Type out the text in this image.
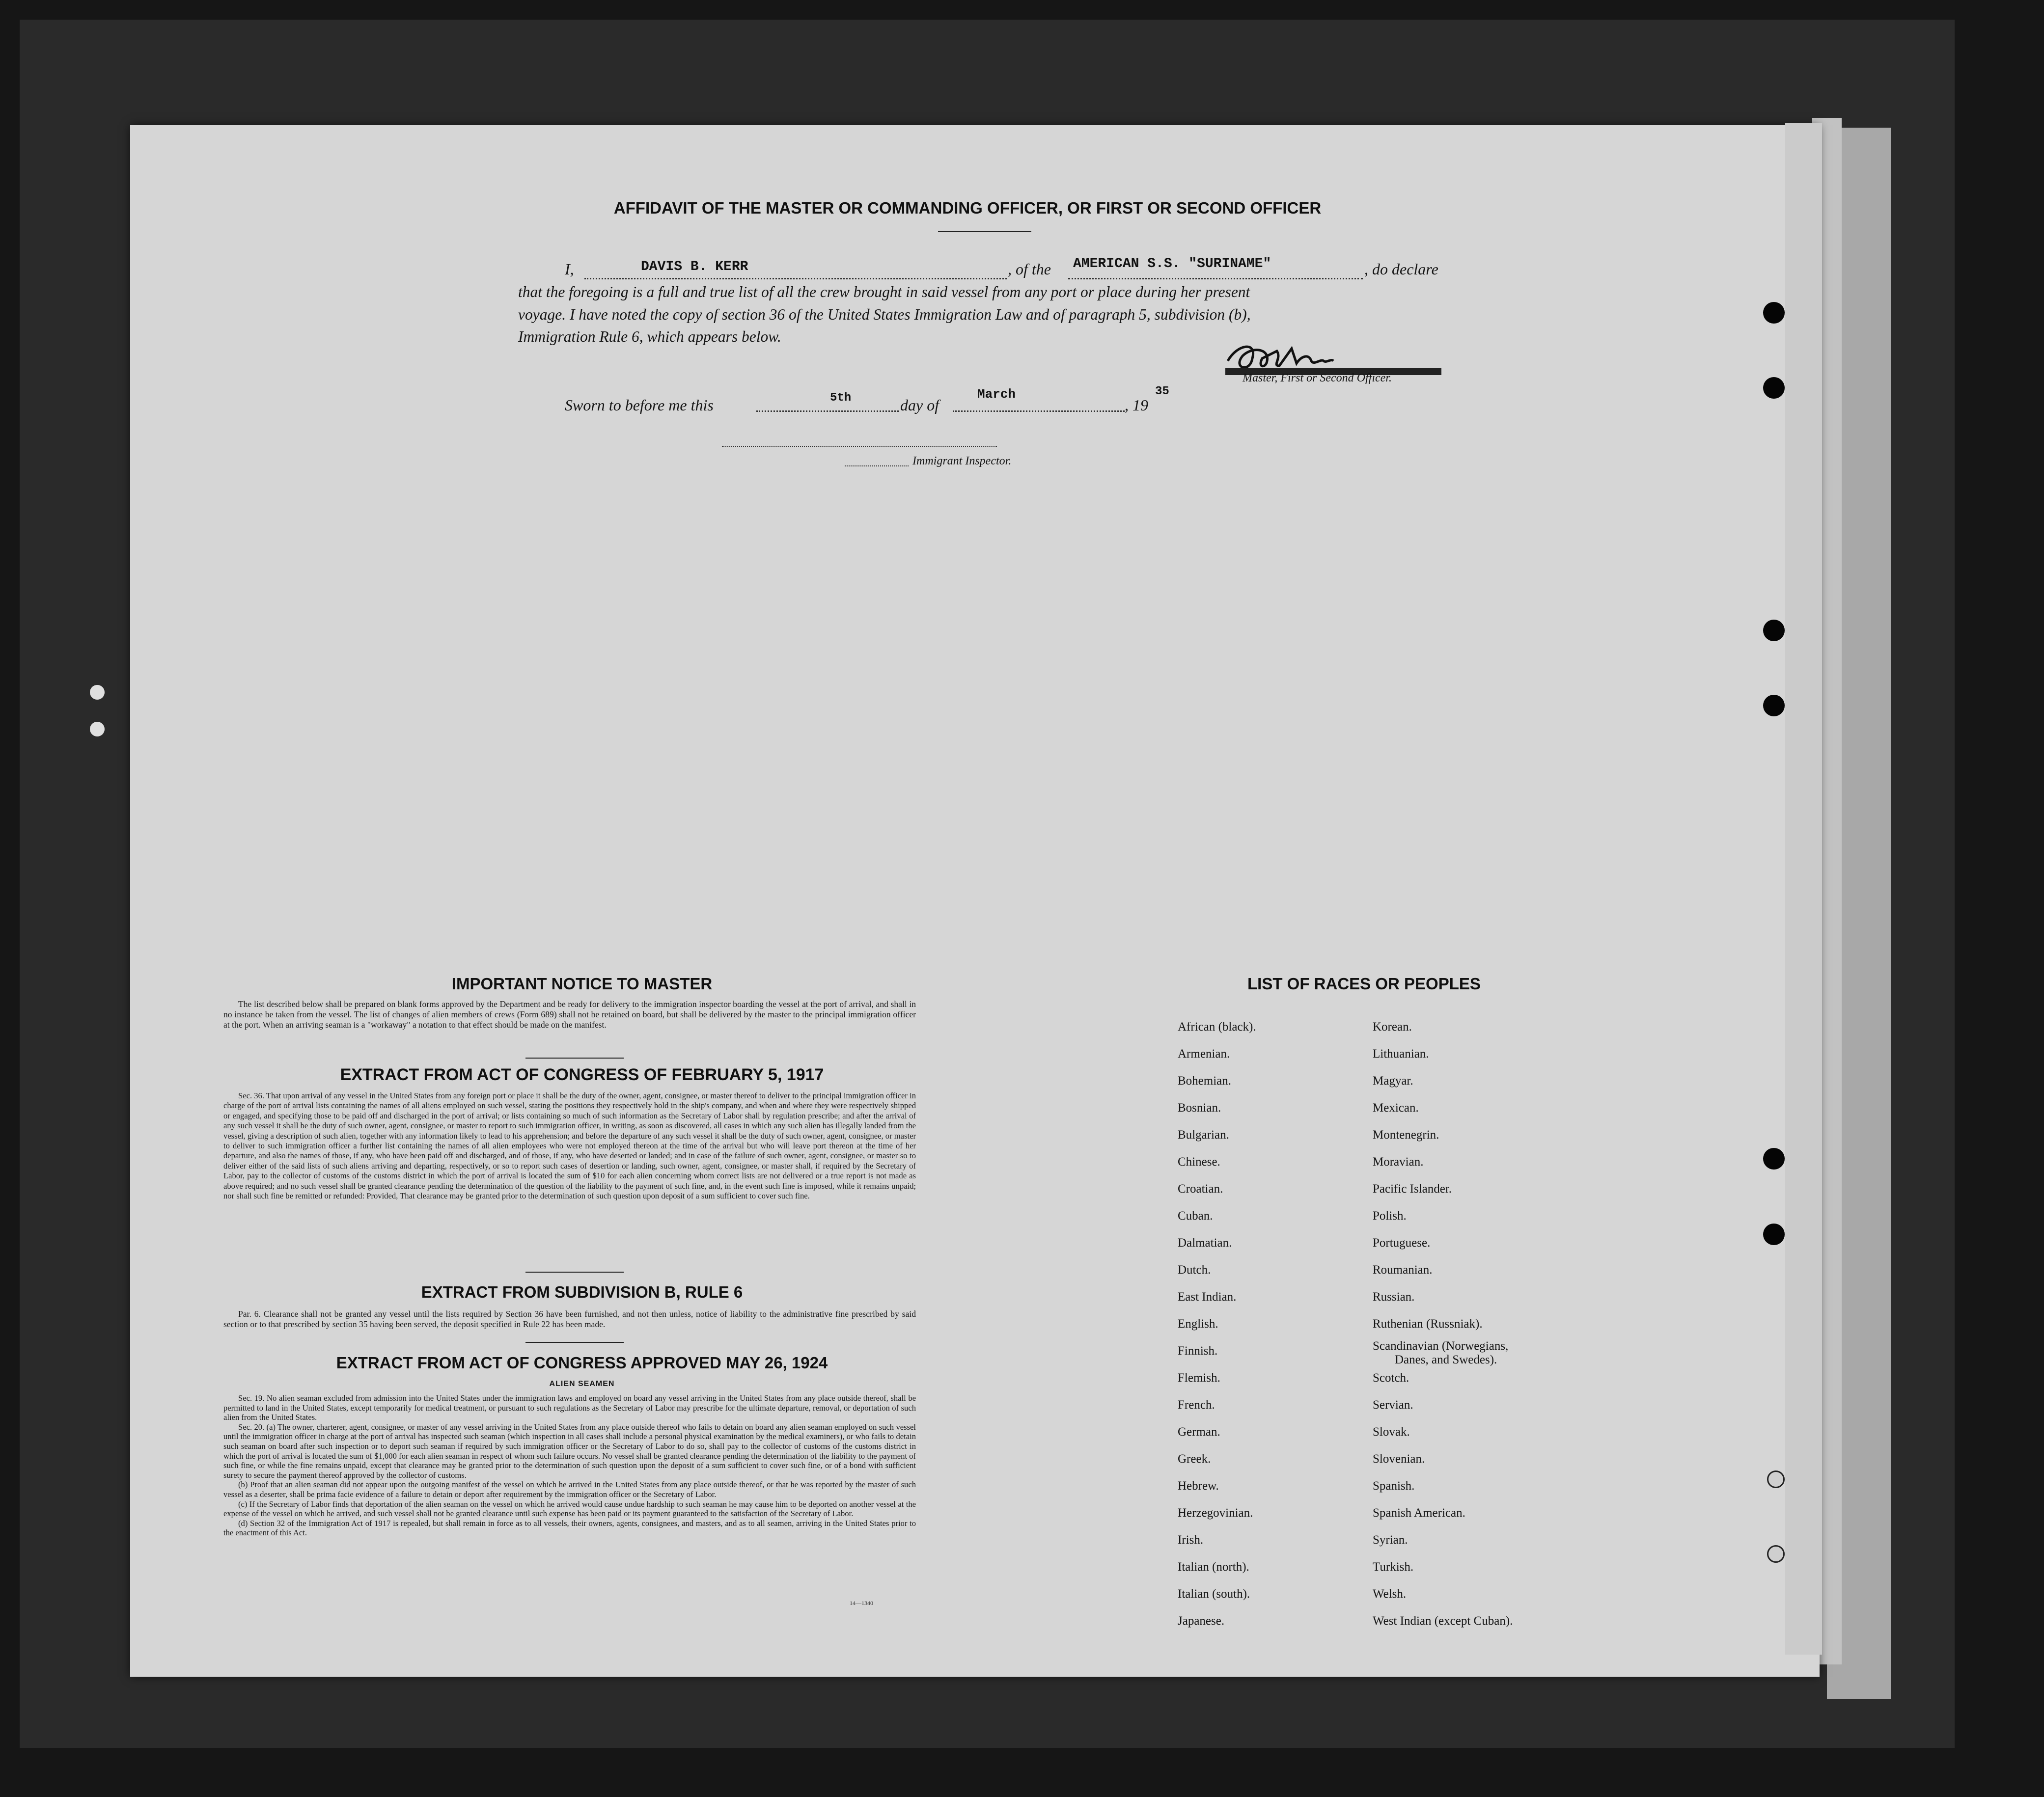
AFFIDAVIT OF THE MASTER OR COMMANDING OFFICER, OR FIRST OR SECOND OFFICER
I,	DAVIS B. KERR	, of the AMERICAN S.S. "SURINAME"	, do declare
that the foregoing is a full and true list of all the crew brought in said vessel from any port or place during her present
voyage. I have noted the copy of section 36 of the United States Immigration Law and of paragraph 5, subdivision (b),
Immigration Rule 6, which appears below.
Master, First or Second Officer.
Sworn to before me this	5th	day of
March
, 19
35
Immigrant Inspector.
IMPORTANT NOTICE TO MASTER

The list described below shall be prepared on blank forms approved by the Department and be ready for delivery to the immigration inspector boarding the vessel at the port of arrival, and shall in no instance be taken from the vessel. The list of changes of alien members of crews (Form 689) shall not be retained on board, but shall be delivered by the master to the principal immigration officer at the port. When an arriving seaman is a "workaway" a notation to that effect should be made on the manifest.

EXTRACT FROM ACT OF CONGRESS OF FEBRUARY 5, 1917

Sec. 36. That upon arrival of any vessel in the United States from any foreign port or place it shall be the duty of the owner, agent, consignee, or master thereof to deliver to the principal immigration officer in charge of the port of arrival lists containing the names of all aliens employed on such vessel, stating the positions they respectively hold in the ship's company, and when and where they were respectively shipped or engaged, and specifying those to be paid off and discharged in the port of arrival; or lists containing so much of such information as the Secretary of Labor shall by regulation prescribe; and after the arrival of any such vessel it shall be the duty of such owner, agent, consignee, or master to report to such immigration officer, in writing, as soon as discovered, all cases in which any such alien has illegally landed from the vessel, giving a description of such alien, together with any information likely to lead to his apprehension; and before the departure of any such vessel it shall be the duty of such owner, agent, consignee, or master to deliver to such immigration officer a further list containing the names of all alien employees who were not employed thereon at the time of the arrival but who will leave port thereon at the time of her departure, and also the names of those, if any, who have been paid off and discharged, and of those, if any, who have deserted or landed; and in case of the failure of such owner, agent, consignee, or master so to deliver either of the said lists of such aliens arriving and departing, respectively, or so to report such cases of desertion or landing, such owner, agent, consignee, or master shall, if required by the Secretary of Labor, pay to the collector of customs of the customs district in which the port of arrival is located the sum of $10 for each alien concerning whom correct lists are not delivered or a true report is not made as above required; and no such vessel shall be granted clearance pending the determination of the question of the liability to the payment of such fine, and, in the event such fine is imposed, while it remains unpaid; nor shall such fine be remitted or refunded: Provided, That clearance may be granted prior to the determination of such question upon deposit of a sum sufficient to cover such fine.

EXTRACT FROM SUBDIVISION B, RULE 6

Par. 6. Clearance shall not be granted any vessel until the lists required by Section 36 have been furnished, and not then unless, notice of liability to the administrative fine prescribed by said section or to that prescribed by section 35 having been served, the deposit specified in Rule 22 has been made.

EXTRACT FROM ACT OF CONGRESS APPROVED MAY 26, 1924
ALIEN SEAMEN

Sec. 19. No alien seaman excluded from admission into the United States under the immigration laws and employed on board any vessel arriving in the United States from any place outside thereof, shall be permitted to land in the United States, except temporarily for medical treatment, or pursuant to such regulations as the Secretary of Labor may prescribe for the ultimate departure, removal, or deportation of such alien from the United States.

Sec. 20. (a) The owner, charterer, agent, consignee, or master of any vessel arriving in the United States from any place outside thereof who fails to detain on board any alien seaman employed on such vessel until the immigration officer in charge at the port of arrival has inspected such seaman (which inspection in all cases shall include a personal physical examination by the medical examiners), or who fails to detain such seaman on board after such inspection or to deport such seaman if required by such immigration officer or the Secretary of Labor to do so, shall pay to the collector of customs of the customs district in which the port of arrival is located the sum of $1,000 for each alien seaman in respect of whom such failure occurs. No vessel shall be granted clearance pending the determination of the liability to the payment of such fine, or while the fine remains unpaid, except that clearance may be granted prior to the determination of such question upon the deposit of a sum sufficient to cover such fine, or of a bond with sufficient surety to secure the payment thereof approved by the collector of customs.

(b) Proof that an alien seaman did not appear upon the outgoing manifest of the vessel on which he arrived in the United States from any place outside thereof, or that he was reported by the master of such vessel as a deserter, shall be prima facie evidence of a failure to detain or deport after requirement by the immigration officer or the Secretary of Labor.

(c) If the Secretary of Labor finds that deportation of the alien seaman on the vessel on which he arrived would cause undue hardship to such seaman he may cause him to be deported on another vessel at the expense of the vessel on which he arrived, and such vessel shall not be granted clearance until such expense has been paid or its payment guaranteed to the satisfaction of the Secretary of Labor.

(d) Section 32 of the Immigration Act of 1917 is repealed, but shall remain in force as to all vessels, their owners, agents, consignees, and masters, and as to all seamen, arriving in the United States prior to the enactment of this Act.

14—1340
LIST OF RACES OR PEOPLES
African (black).
Armenian.
Bohemian.
Bosnian.
Bulgarian.
Chinese.
Croatian.
Cuban.
Dalmatian.
Dutch.
East Indian.
English.
Finnish.
Flemish.
French.
German.
Greek.
Hebrew.
Herzegovinian.
Irish.
Italian (north).
Italian (south).
Japanese.
Korean.
Lithuanian.
Magyar.
Mexican.
Montenegrin.
Moravian.
Pacific Islander.
Polish.
Portuguese.
Roumanian.
Russian.
Ruthenian (Russniak).
Scandinavian (Norwegians,
Danes, and Swedes).
Scotch.
Servian.
Slovak.
Slovenian.
Spanish.
Spanish American.
Syrian.
Turkish.
Welsh.
West Indian (except Cuban).
